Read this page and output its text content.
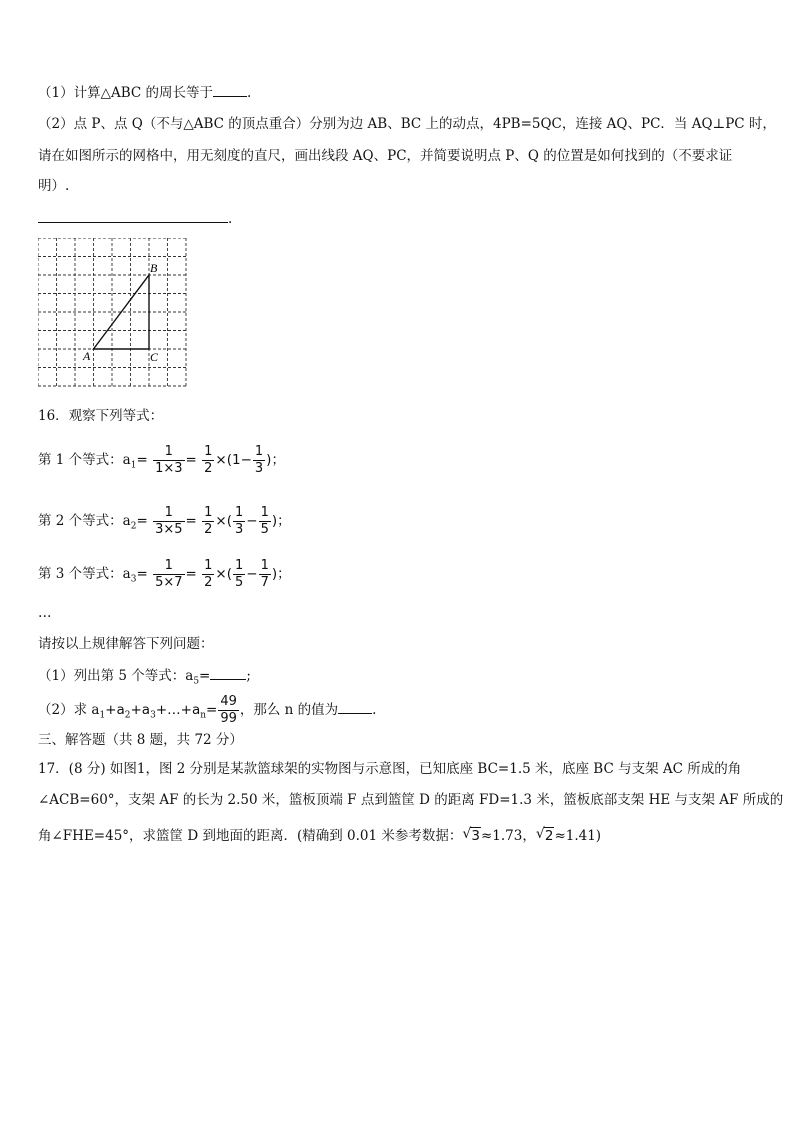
（1）计算△ABC 的周长等于	.
（2）点 P、点 Q（不与△ABC 的顶点重合）分别为边 AB、BC 上的动点，4PB=5QC，连接 AQ、PC．当 AQ⊥PC 时，
请在如图所示的网格中，用无刻度的直尺，画出线段 AQ、PC，并简要说明点 P、Q 的位置是如何找到的（不要求证
明）.
.
A
B
C
16．观察下列等式：
第 1 个等式：$a_1= \frac{1}{1\times 3} = \frac{1}{2} \times(1- \frac{1}{3}$ )；
第 2 个等式：$a_2= \frac{1}{3\times 5} = \frac{1}{2}$ ×( $\frac{1}{3} - \frac{1}{5}$ )；
第 3 个等式：$a_3= \frac{1}{5\times 7} = \frac{1}{2}$ ×( $\frac{1}{5} - \frac{1}{7}$ )；
…
请按以上规律解答下列问题：
（1）列出第 5 个等式：$a_5=$	;
（2）求 $a_1+a_2+a_3+\dots+a_n= \frac{49}{99}$ ，那么 n 的值为	.
三、解答题（共 8 题，共 72 分）
17．(8 分) 如图1，图 2 分别是某款篮球架的实物图与示意图，已知底座 BC=1.5 米，底座 BC 与支架 AC 所成的角
∠ACB=60°，支架 AF 的长为 2.50 米，篮板顶端 F 点到篮筐 D 的距离 FD=1.3 米，篮板底部支架 HE 与支架 AF 所成的
角∠FHE=45°，求篮筐 D 到地面的距离．(精确到 0.01 米参考数据： √ 3≈1.73， √ 2≈1.41)
